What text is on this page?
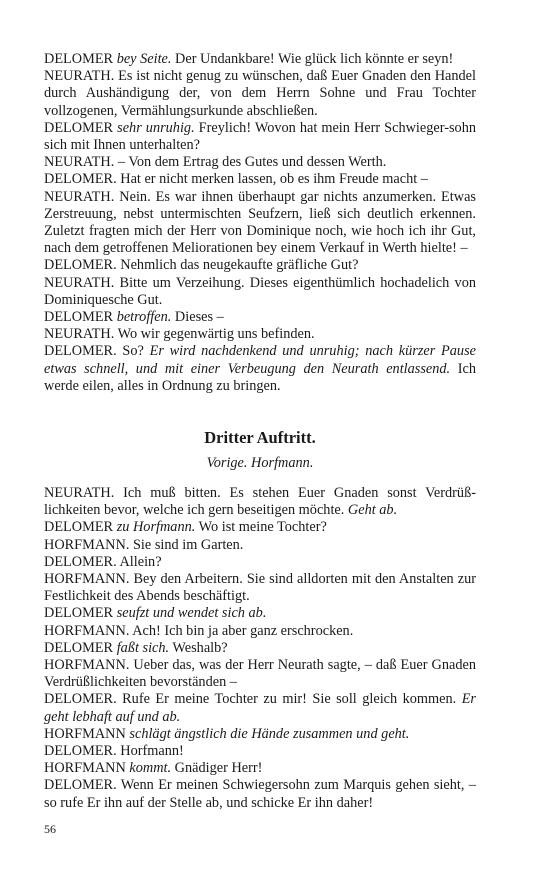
DELOMER bey Seite. Der Undankbare! Wie glück lich könnte er seyn!

NEURATH. Es ist nicht genug zu wünschen, daß Euer Gnaden den Handel durch Aushändigung der, von dem Herrn Sohne und Frau Tochter vollzogenen, Vermählungsurkunde abschließen.

DELOMER sehr unruhig. Freylich! Wovon hat mein Herr Schwieger-sohn sich mit Ihnen unterhalten?

NEURATH. – Von dem Ertrag des Gutes und dessen Werth.

DELOMER. Hat er nicht merken lassen, ob es ihm Freude macht –

NEURATH. Nein. Es war ihnen überhaupt gar nichts anzumerken. Etwas Zerstreuung, nebst untermischten Seufzern, ließ sich deutlich erkennen. Zuletzt fragten mich der Herr von Dominique noch, wie hoch ich ihr Gut, nach dem getroffenen Meliorationen bey einem Verkauf in Werth hielte! –

DELOMER. Nehmlich das neugekaufte gräfliche Gut?

NEURATH. Bitte um Verzeihung. Dieses eigenthümlich hochadelich von Dominiquesche Gut.

DELOMER betroffen. Dieses –

NEURATH. Wo wir gegenwärtig uns befinden.

DELOMER. So? Er wird nachdenkend und unruhig; nach kürzer Pause etwas schnell, und mit einer Verbeugung den Neurath entlassend. Ich werde eilen, alles in Ordnung zu bringen.

Dritter Auftritt.
Vorige. Horfmann.

NEURATH. Ich muß bitten. Es stehen Euer Gnaden sonst Verdrüß-lichkeiten bevor, welche ich gern beseitigen möchte. Geht ab.

DELOMER zu Horfmann. Wo ist meine Tochter?

HORFMANN. Sie sind im Garten.

DELOMER. Allein?

HORFMANN. Bey den Arbeitern. Sie sind alldorten mit den Anstalten zur Festlichkeit des Abends beschäftigt.

DELOMER seufzt und wendet sich ab.

HORFMANN. Ach! Ich bin ja aber ganz erschrocken.

DELOMER faßt sich. Weshalb?

HORFMANN. Ueber das, was der Herr Neurath sagte, – daß Euer Gnaden Verdrüßlichkeiten bevorständen –

DELOMER. Rufe Er meine Tochter zu mir! Sie soll gleich kommen. Er geht lebhaft auf und ab.

HORFMANN schlägt ängstlich die Hände zusammen und geht.

DELOMER. Horfmann!

HORFMANN kommt. Gnädiger Herr!

DELOMER. Wenn Er meinen Schwiegersohn zum Marquis gehen sieht, – so rufe Er ihn auf der Stelle ab, und schicke Er ihn daher!

56
